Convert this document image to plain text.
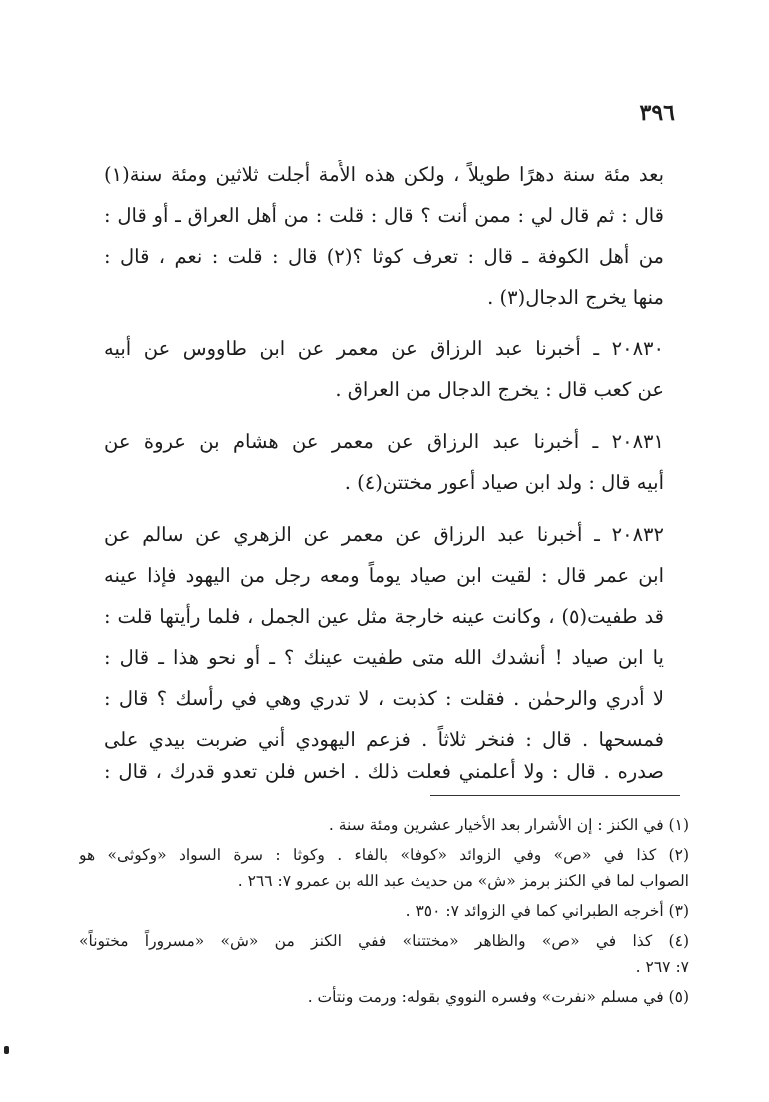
٣٩٦
بعد مئة سنة دهرًا طويلاً ، ولكن هذه الأُمة أجلت ثلاثين ومئة سنة(١)
قال : ثم قال لي : ممن أنت ؟ قال : قلت : من أهل العراق ـ أو قال :
من أهل الكوفة ـ قال : تعرف كوثا ؟(٢) قال : قلت : نعم ، قال :
منها يخرج الدجال(٣) .
٢٠٨٣٠ ـ أخبرنا عبد الرزاق عن معمر عن ابن طاووس عن أبيه
عن كعب قال : يخرج الدجال من العراق .
٢٠٨٣١ ـ أخبرنا عبد الرزاق عن معمر عن هشام بن عروة عن
أبيه قال : ولد ابن صياد أعور مختتن(٤) .
٢٠٨٣٢ ـ أخبرنا عبد الرزاق عن معمر عن الزهري عن سالم عن
ابن عمر قال : لقيت ابن صياد يوماً ومعه رجل من اليهود فإذا عينه
قد طفيت(٥) ، وكانت عينه خارجة مثل عين الجمل ، فلما رأيتها قلت :
يا ابن صياد ! أنشدك الله متى طفيت عينك ؟ ـ أو نحو هذا ـ قال :
لا أدري والرحمٰن . فقلت : كذبت ، لا تدري وهي في رأسك ؟ قال :
فمسحها . قال : فنخر ثلاثاً . فزعم اليهودي أني ضربت بيدي على
صدره . قال : ولا أعلمني فعلت ذلك . اخس فلن تعدو قدرك ، قال :
(١) في الكنز : إن الأشرار بعد الأخيار عشرين ومئة سنة .
(٢) كذا في «ص» وفي الزوائد «كوفا» بالفاء . وكوثا : سرة السواد «وكوثى» هو
الصواب لما في الكنز برمز «ش» من حديث عبد الله بن عمرو ٧: ٢٦٦ .
(٣) أخرجه الطبراني كما في الزوائد ٧: ٣٥٠ .
(٤) كذا في «ص» والظاهر «مختتنا» ففي الكنز من «ش» «مسروراً مختوناً»
٧: ٢٦٧ .
(٥) في مسلم «نفرت» وفسره النووي بقوله: ورمت ونتأت .
